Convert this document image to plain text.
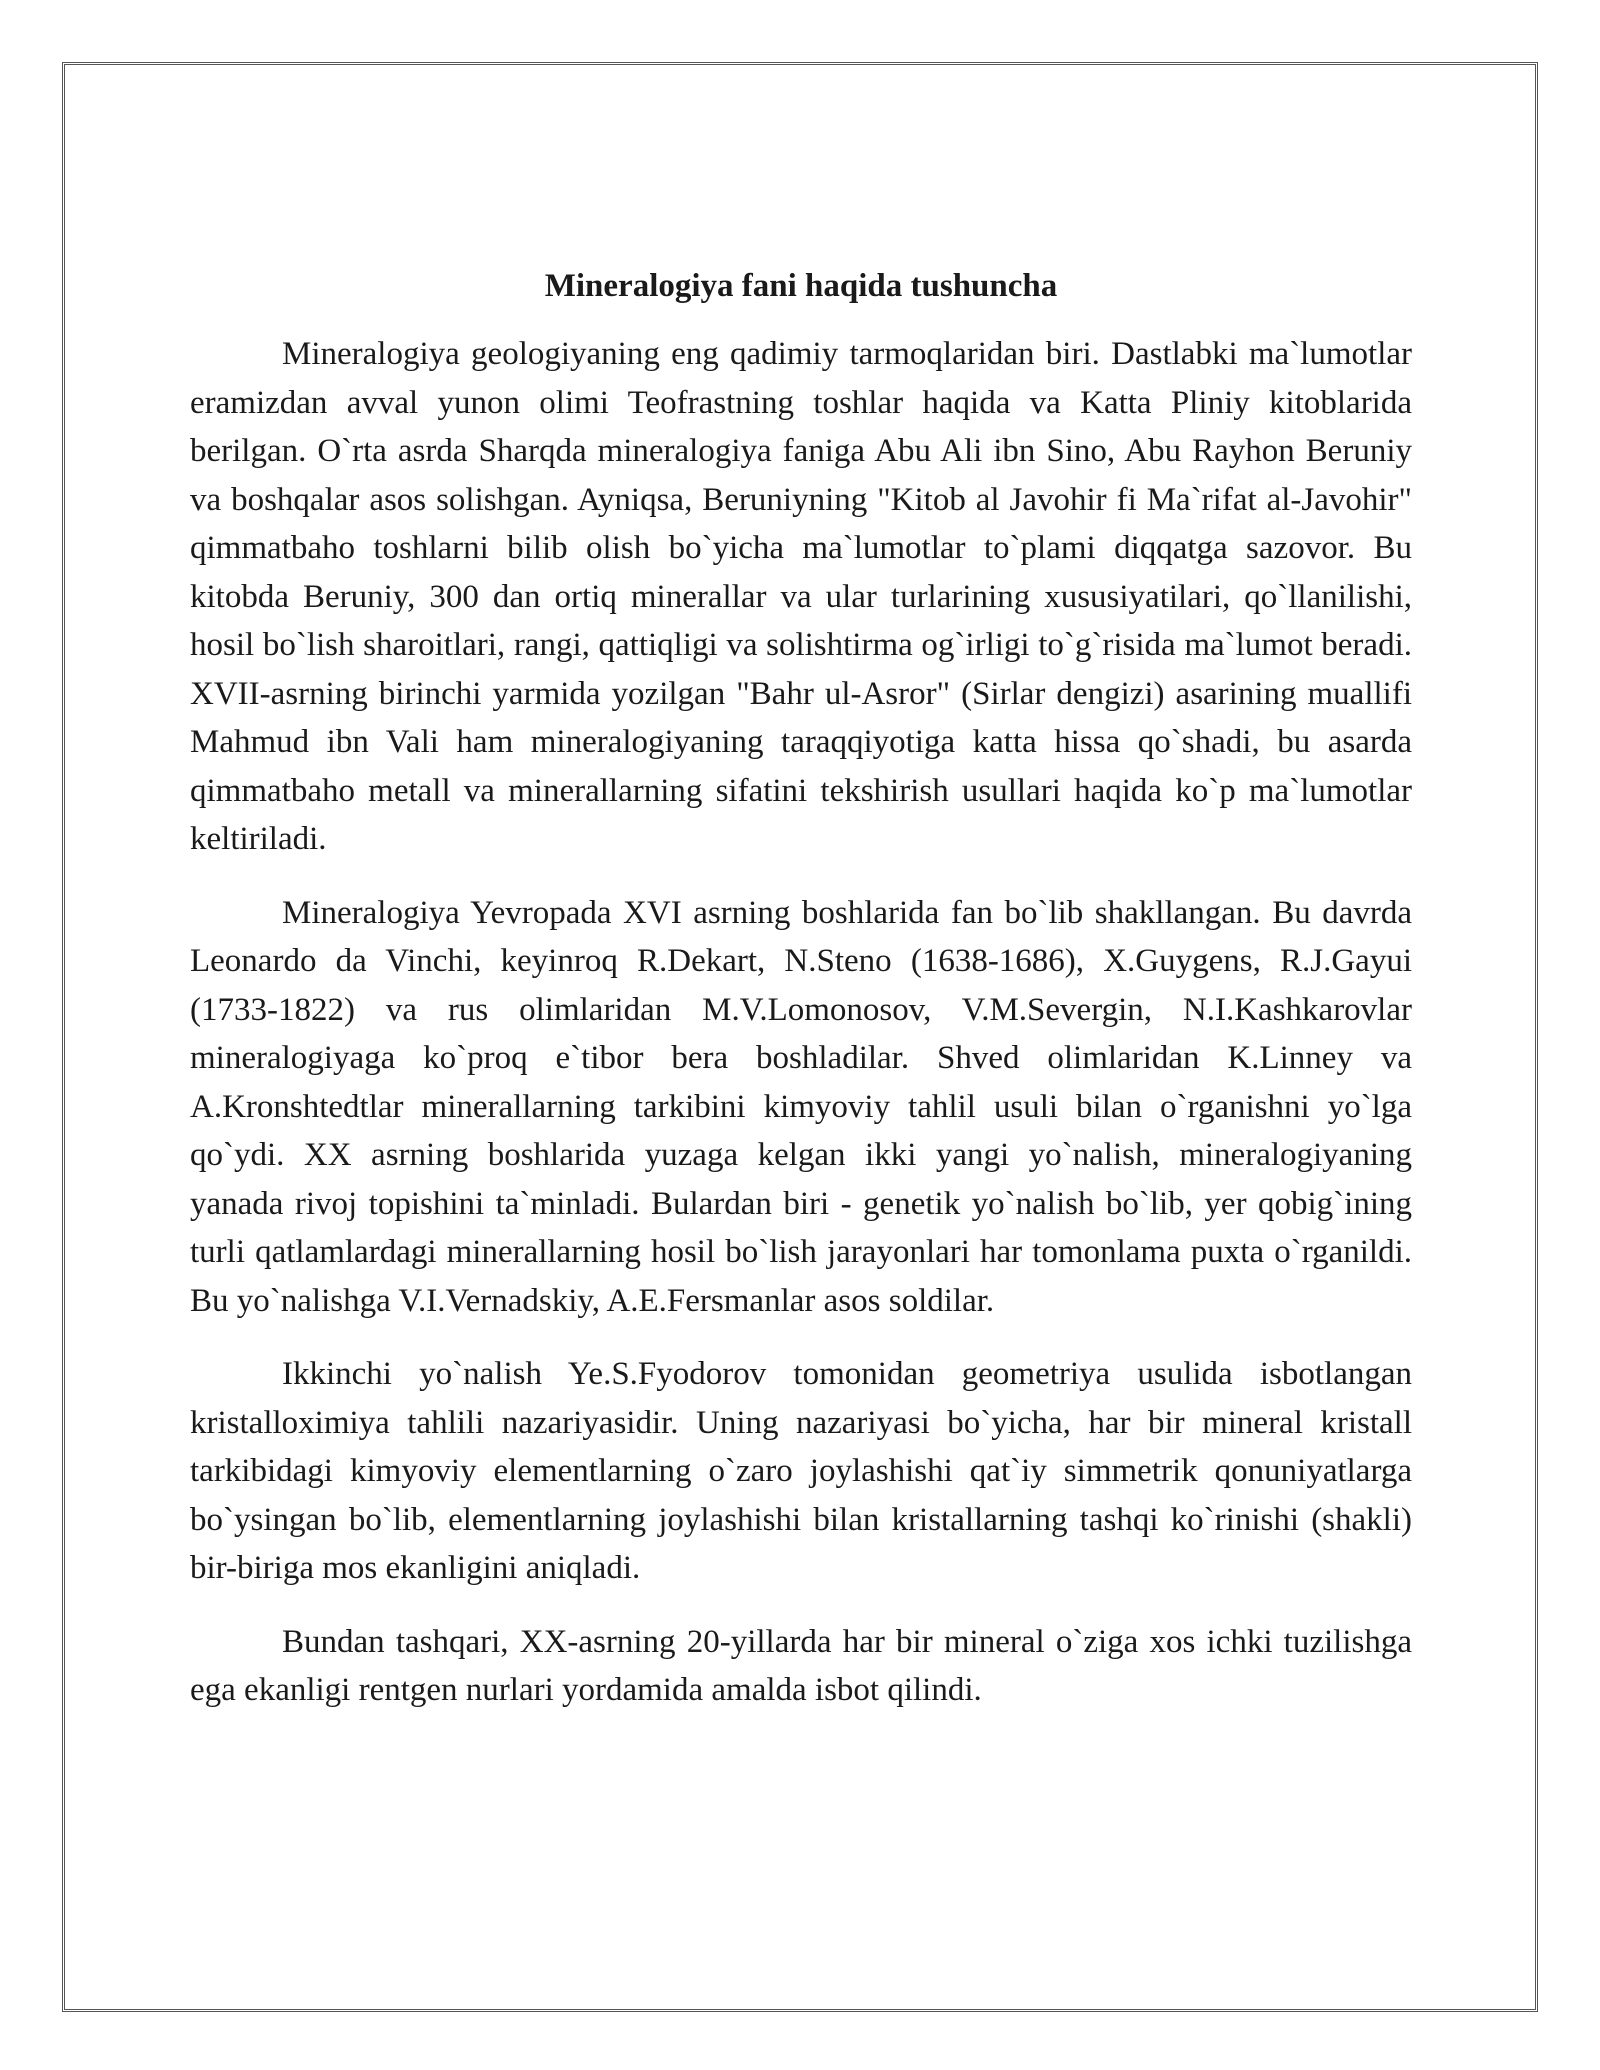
Mineralogiya fani haqida tushuncha

Mineralogiya geologiyaning eng qadimiy tarmoqlaridan biri. Dastlabki ma`lumotlar eramizdan avval yunon olimi Teofrastning toshlar haqida va Katta Pliniy kitoblarida berilgan. O`rta asrda Sharqda mineralogiya faniga Abu Ali ibn Sino, Abu Rayhon Beruniy va boshqalar asos solishgan. Ayniqsa, Beruniyning "Kitob al Javohir fi Ma`rifat al-Javohir" qimmatbaho toshlarni bilib olish bo`yicha ma`lumotlar to`plami diqqatga sazovor. Bu kitobda Beruniy, 300 dan ortiq minerallar va ular turlarining xususiyatilari, qo`llanilishi, hosil bo`lish sharoitlari, rangi, qattiqligi va solishtirma og`irligi to`g`risida ma`lumot beradi. XVII-asrning birinchi yarmida yozilgan "Bahr ul-Asror" (Sirlar dengizi) asarining muallifi Mahmud ibn Vali ham mineralogiyaning taraqqiyotiga katta hissa qo`shadi, bu asarda qimmatbaho metall va minerallarning sifatini tekshirish usullari haqida ko`p ma`lumotlar keltiriladi.

Mineralogiya Yevropada XVI asrning boshlarida fan bo`lib shakllangan. Bu davrda Leonardo da Vinchi, keyinroq R.Dekart, N.Steno (1638-1686), X.Guygens, R.J.Gayui (1733-1822) va rus olimlaridan M.V.Lomonosov, V.M.Severgin, N.I.Kashkarovlar mineralogiyaga ko`proq e`tibor bera boshladilar. Shved olimlaridan K.Linney va A.Kronshtedtlar minerallarning tarkibini kimyoviy tahlil usuli bilan o`rganishni yo`lga qo`ydi. XX asrning boshlarida yuzaga kelgan ikki yangi yo`nalish, mineralogiyaning yanada rivoj topishini ta`minladi. Bulardan biri - genetik yo`nalish bo`lib, yer qobig`ining turli qatlamlardagi minerallarning hosil bo`lish jarayonlari har tomonlama puxta o`rganildi. Bu yo`nalishga V.I.Vernadskiy, A.E.Fersmanlar asos soldilar.

Ikkinchi yo`nalish Ye.S.Fyodorov tomonidan geometriya usulida isbotlangan kristalloximiya tahlili nazariyasidir. Uning nazariyasi bo`yicha, har bir mineral kristall tarkibidagi kimyoviy elementlarning o`zaro joylashishi qat`iy simmetrik qonuniyatlarga bo`ysingan bo`lib, elementlarning joylashishi bilan kristallarning tashqi ko`rinishi (shakli) bir-biriga mos ekanligini aniqladi.

Bundan tashqari, XX-asrning 20-yillarda har bir mineral o`ziga xos ichki tuzilishga ega ekanligi rentgen nurlari yordamida amalda isbot qilindi.
